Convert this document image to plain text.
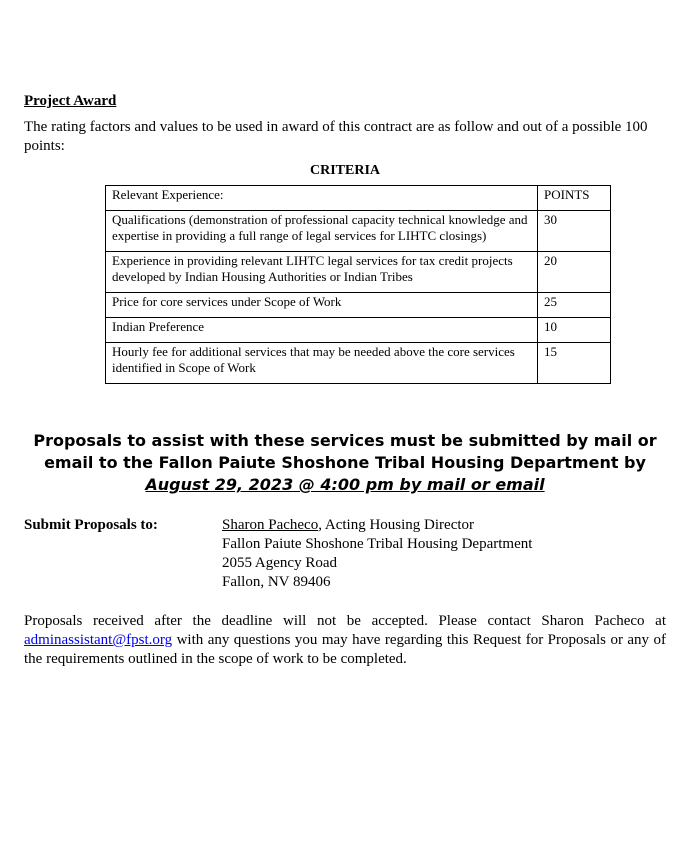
Project Award

The rating factors and values to be used in award of this contract are as follow and out of a possible 100 points:

CRITERIA

Relevant Experience:	POINTS
Qualifications (demonstration of professional capacity technical knowledge and expertise in providing a full range of legal services for LIHTC closings)	30
Experience in providing relevant LIHTC legal services for tax credit projects developed by Indian Housing Authorities or Indian Tribes	20
Price for core services under Scope of Work	25
Indian Preference	10
Hourly fee for additional services that may be needed above the core services identified in Scope of Work	15

Proposals to assist with these services must be submitted by mail or email to the Fallon Paiute Shoshone Tribal Housing Department by

August 29, 2023 @ 4:00 pm by mail or email

Submit Proposals to:	Sharon Pacheco, Acting Housing Director
Fallon Paiute Shoshone Tribal Housing Department
2055 Agency Road
Fallon, NV 89406

Proposals received after the deadline will not be accepted. Please contact Sharon Pacheco at adminassistant@fpst.org with any questions you may have regarding this Request for Proposals or any of the requirements outlined in the scope of work to be completed.
